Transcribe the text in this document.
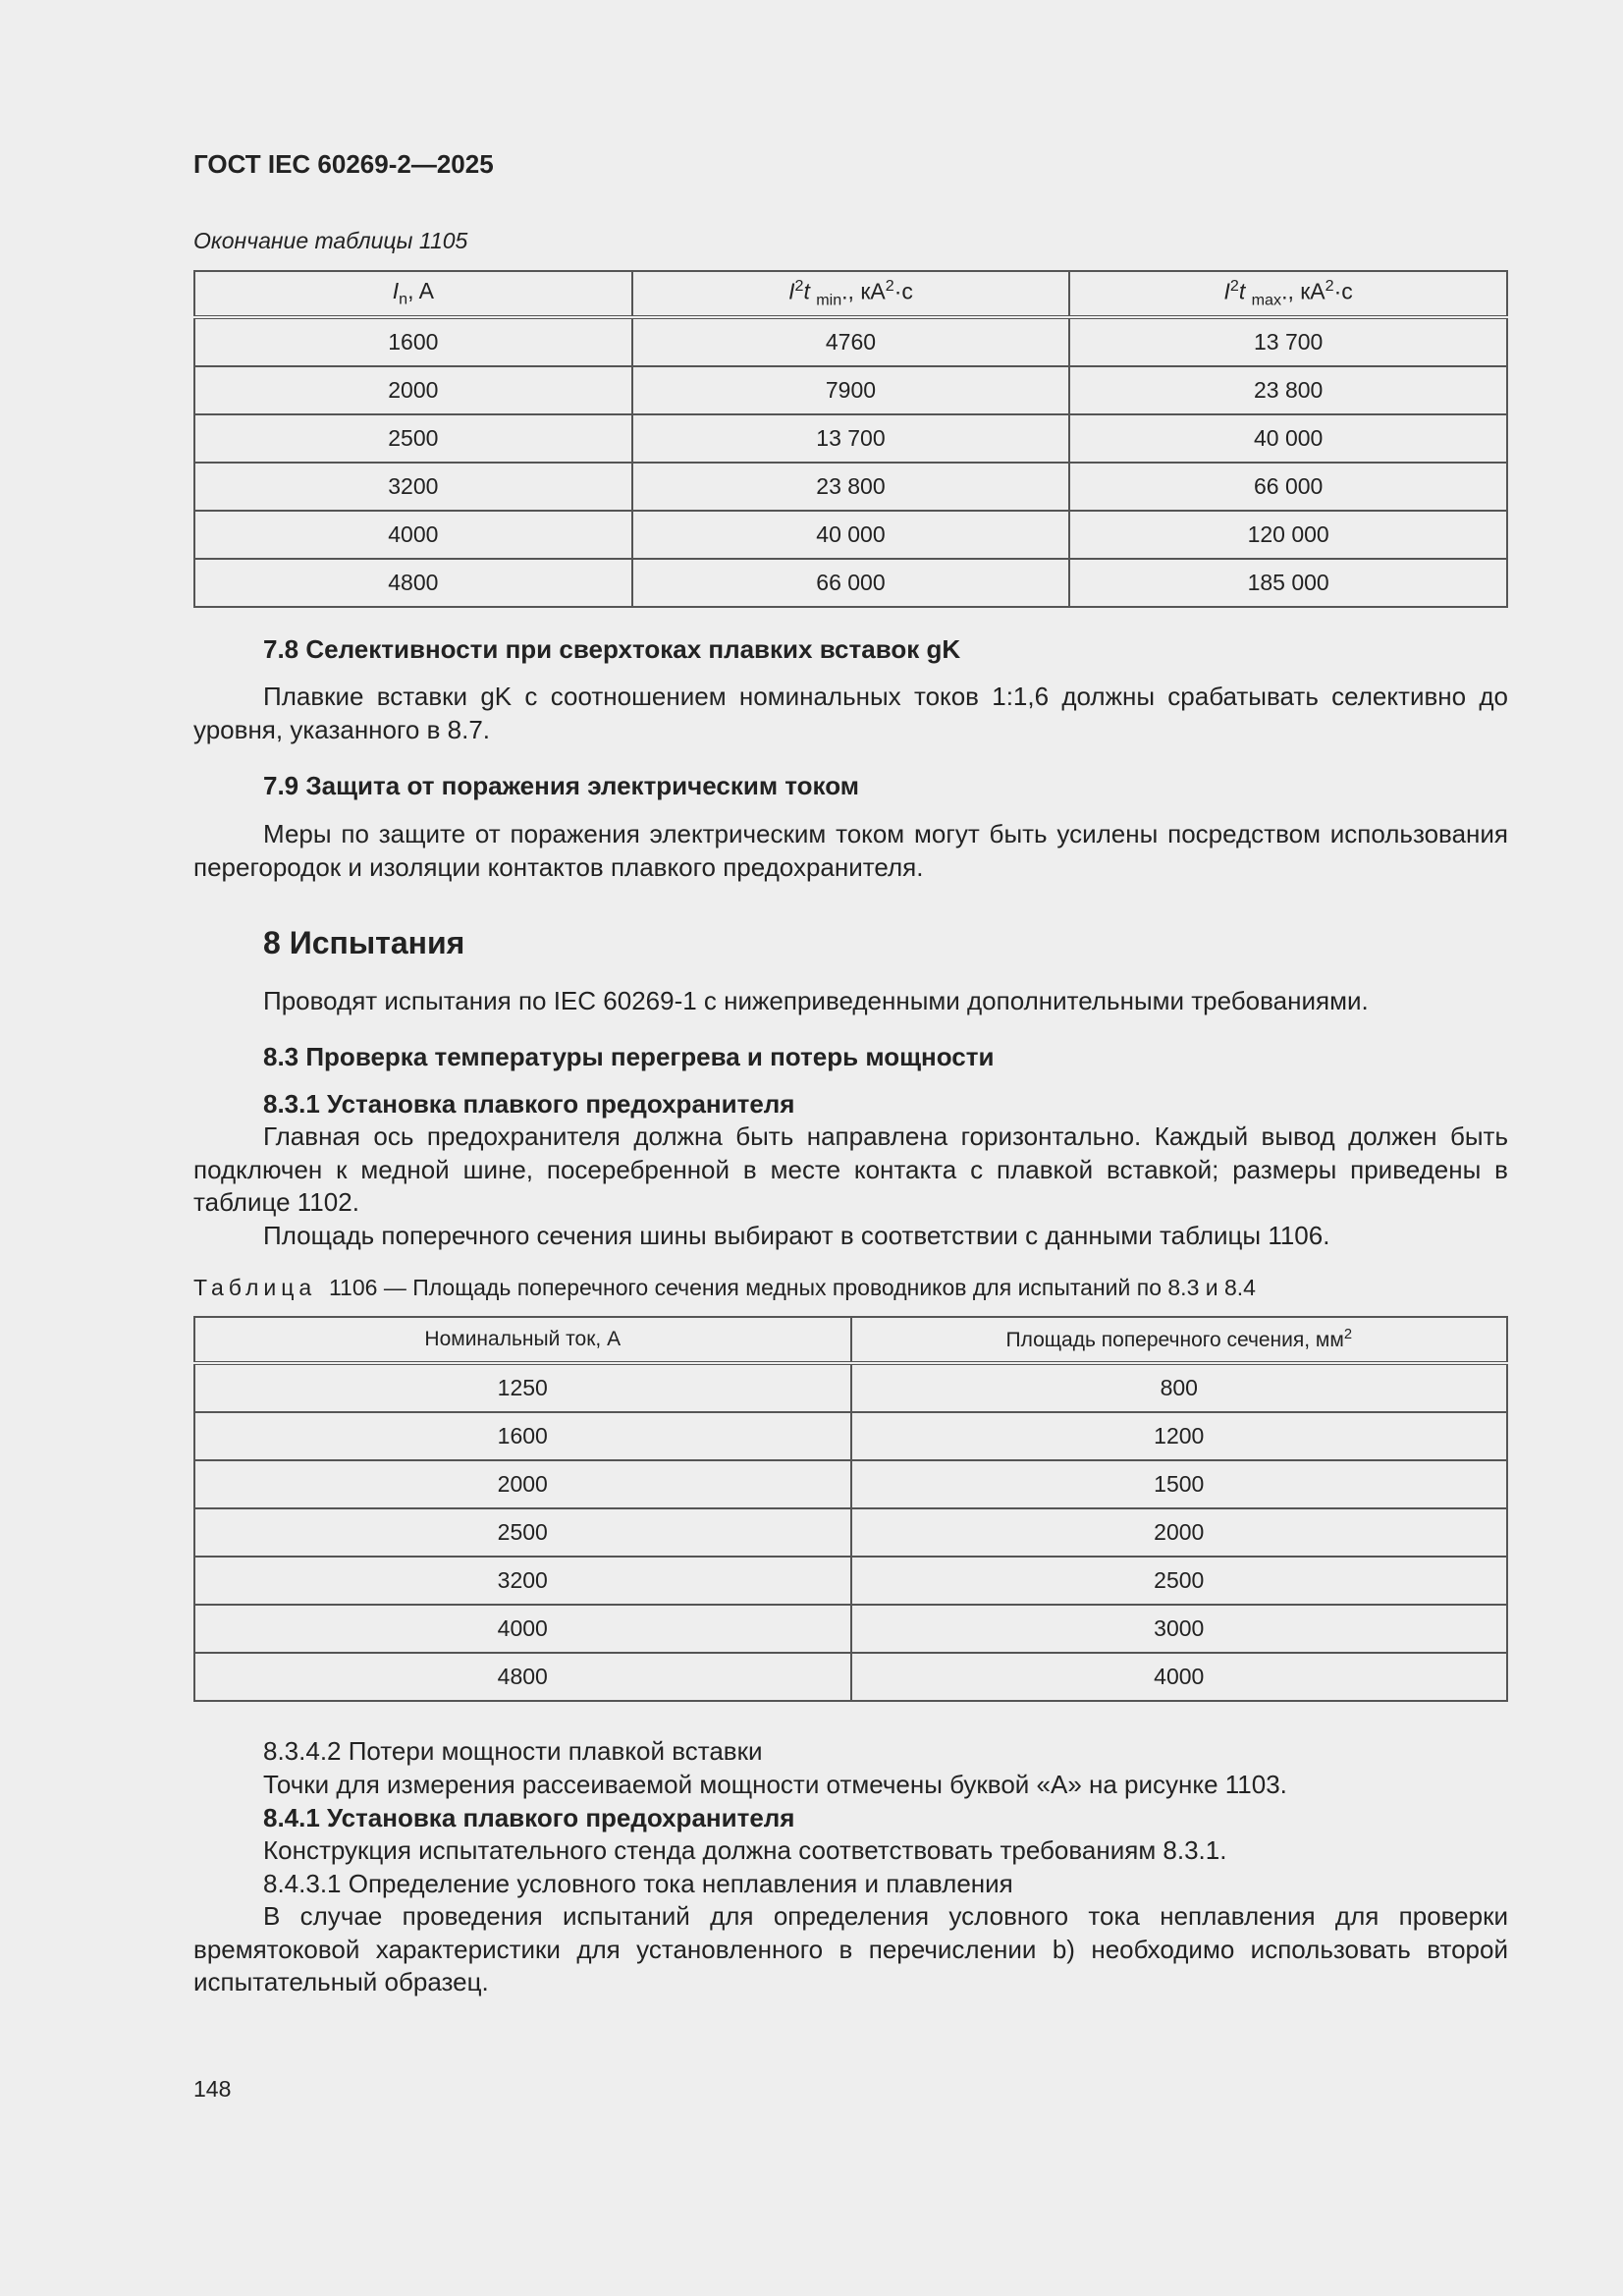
ГОСТ IEC 60269-2—2025
Окончание таблицы 1105
$I_n$, A	$I^2t$ $_{min}$., $кА^2\cdot с$	$I^2t$ $_{max}$., $кА^2\cdot с$
1600	4760	13 700
2000	7900	23 800
2500	13 700	40 000
3200	23 800	66 000
4000	40 000	120 000
4800	66 000	185 000
7.8 Селективности при сверхтоках плавких вставок gK
Плавкие вставки gK с соотношением номинальных токов 1:1,6 должны срабатывать селективно до уровня, указанного в 8.7.
7.9 Защита от поражения электрическим током
Меры по защите от поражения электрическим током могут быть усилены посредством использования перегородок и изоляции контактов плавкого предохранителя.
8 Испытания
Проводят испытания по IEC 60269-1 с нижеприведенными дополнительными требованиями.
8.3 Проверка температуры перегрева и потерь мощности
8.3.1 Установка плавкого предохранителя
Главная ось предохранителя должна быть направлена горизонтально. Каждый вывод должен быть подключен к медной шине, посеребренной в месте контакта с плавкой вставкой; размеры приведены в таблице 1102.
Площадь поперечного сечения шины выбирают в соответствии с данными таблицы 1106.
Таблица 1106 — Площадь поперечного сечения медных проводников для испытаний по 8.3 и 8.4
Номинальный ток, А	Площадь поперечного сечения, $мм^2$
1250	800
1600	1200
2000	1500
2500	2000
3200	2500
4000	3000
4800	4000
8.3.4.2 Потери мощности плавкой вставки
Точки для измерения рассеиваемой мощности отмечены буквой «А» на рисунке 1103.
8.4.1 Установка плавкого предохранителя
Конструкция испытательного стенда должна соответствовать требованиям 8.3.1.
8.4.3.1 Определение условного тока неплавления и плавления
В случае проведения испытаний для определения условного тока неплавления для проверки времятоковой характеристики для установленного в перечислении b) необходимо использовать второй испытательный образец.
148
